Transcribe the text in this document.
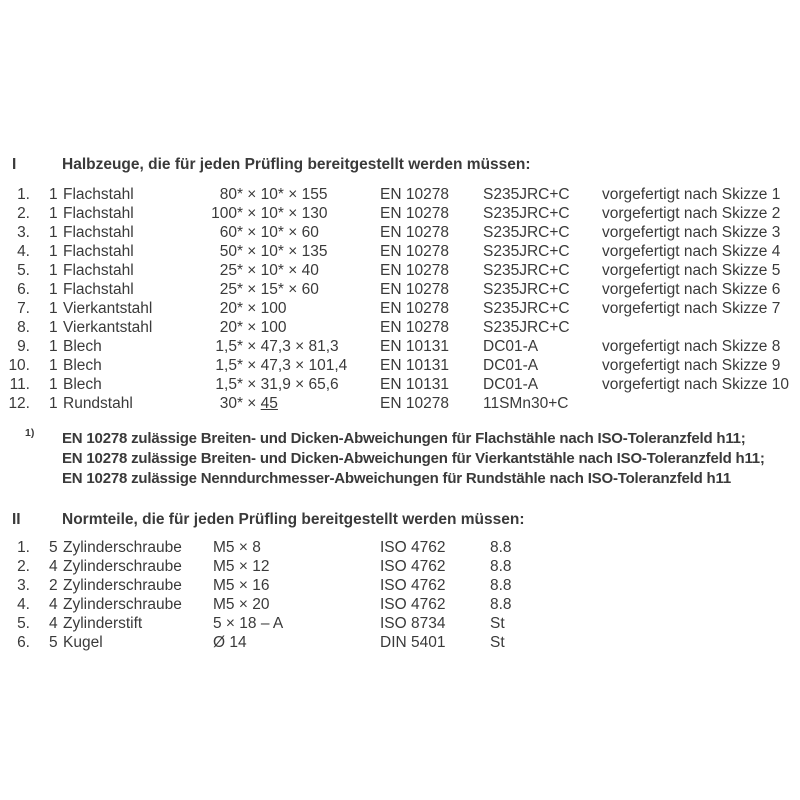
I	Halbzeuge, die für jeden Prüfling bereitgestellt werden müssen:
1.	1 Flachstahl	80* × 10* × 155	EN 10278	S235JRC+C	vorgefertigt nach Skizze 1
2.	1 Flachstahl	100* × 10* × 130	EN 10278	S235JRC+C	vorgefertigt nach Skizze 2
3.	1 Flachstahl	60* × 10* × 60	EN 10278	S235JRC+C	vorgefertigt nach Skizze 3
4.	1 Flachstahl	50* × 10* × 135	EN 10278	S235JRC+C	vorgefertigt nach Skizze 4
5.	1 Flachstahl	25* × 10* × 40	EN 10278	S235JRC+C	vorgefertigt nach Skizze 5
6.	1 Flachstahl	25* × 15* × 60	EN 10278	S235JRC+C	vorgefertigt nach Skizze 6
7.	1 Vierkantstahl	20* × 100	EN 10278	S235JRC+C	vorgefertigt nach Skizze 7
8.	1 Vierkantstahl	20* × 100	EN 10278	S235JRC+C
9.	1 Blech	1,5* × 47,3 × 81,3	EN 10131	DC01-A	vorgefertigt nach Skizze 8
10.	1 Blech	1,5* × 47,3 × 101,4	EN 10131	DC01-A	vorgefertigt nach Skizze 9
11.	1 Blech	1,5* × 31,9 × 65,6	EN 10131	DC01-A	vorgefertigt nach Skizze 10
12.	1 Rundstahl	30* × 45	EN 10278	11SMn30+C
1) EN 10278 zulässige Breiten- und Dicken-Abweichungen für Flachstähle nach ISO-Toleranzfeld h11;
EN 10278 zulässige Breiten- und Dicken-Abweichungen für Vierkantstähle nach ISO-Toleranzfeld h11;
EN 10278 zulässige Nenndurchmesser-Abweichungen für Rundstähle nach ISO-Toleranzfeld h11
II	Normteile, die für jeden Prüfling bereitgestellt werden müssen:
1.	5 Zylinderschraube	M5 × 8	ISO 4762	8.8
2.	4 Zylinderschraube	M5 × 12	ISO 4762	8.8
3.	2 Zylinderschraube	M5 × 16	ISO 4762	8.8
4.	4 Zylinderschraube	M5 × 20	ISO 4762	8.8
5.	4 Zylinderstift	5 × 18 – A	ISO 8734	St
6.	5 Kugel	Ø 14	DIN 5401	St
